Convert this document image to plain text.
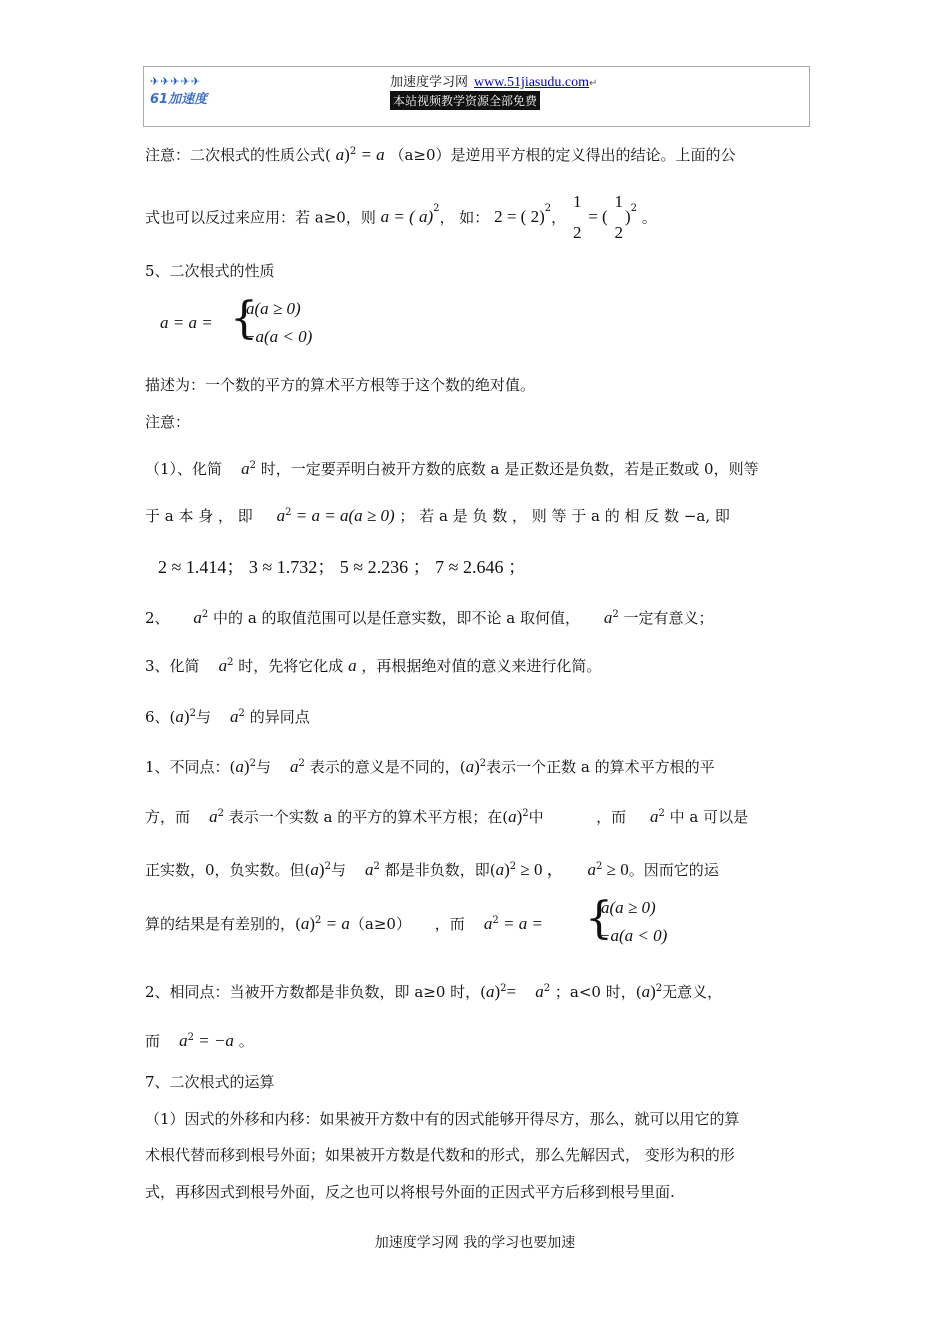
✈✈✈✈✈
61加速度
加速度学习网 www.51jiasudu.com↵
本站视频教学资源全部免费
注意：二次根式的性质公式( a)$^2$ = a （a≥0）是逆用平方根的定义得出的结论。上面的公
式也可以反过来应用：若 a≥0，则 a = ( a)$^2$， 如： 2 = ( 2)$^2$，
1
2
= (
1
2
)$^2$ 。
5、二次根式的性质
a = a = {
a(a ≥ 0)
−a(a < 0)
描述为：一个数的平方的算术平方根等于这个数的绝对值。
注意：
（1）、化简 $a^2$ 时，一定要弄明白被开方数的底数 a 是正数还是负数，若是正数或 0，则等
于 a 本 身 ， 即 $a^2 = a = a(a \ge 0)$ ； 若 a 是 负 数 ， 则 等 于 a 的 相 反 数 −a, 即
2 ≈ 1.414； 3 ≈ 1.732； 5 ≈ 2.236 ； 7 ≈ 2.646 ；
2、 $a^2$ 中的 a 的取值范围可以是任意实数，即不论 a 取何值， $a^2$ 一定有意义；
3、化简 $a^2$ 时，先将它化成 a ，再根据绝对值的意义来进行化简。
6、$(a)^2$与 $a^2$ 的异同点
1、不同点：$(a)^2$与 $a^2$ 表示的意义是不同的，$(a)^2$表示一个正数 a 的算术平方根的平
方，而 $a^2$ 表示一个实数 a 的平方的算术平方根；在$(a)^2$中	，而 $a^2$ 中 a 可以是
正实数，0，负实数。但$(a)^2$与 $a^2$ 都是非负数，即$(a)^2 \ge 0$ ， $a^2 \ge 0$。因而它的运
算的结果是有差别的，$(a)^2 = a(a\ge 0)$ ，而 $a^2 = a$ = {
a(a ≥ 0)
−a(a < 0)
2、相同点：当被开方数都是非负数，即 a≥0 时，$(a)^2= a^2$ ；a<0 时，$(a)^2$无意义，
而 $a^2 = -a$ 。
7、二次根式的运算
（1）因式的外移和内移：如果被开方数中有的因式能够开得尽方，那么，就可以用它的算
术根代替而移到根号外面；如果被开方数是代数和的形式，那么先解因式， 变形为积的形
式，再移因式到根号外面，反之也可以将根号外面的正因式平方后移到根号里面.
加速度学习网 我的学习也要加速
